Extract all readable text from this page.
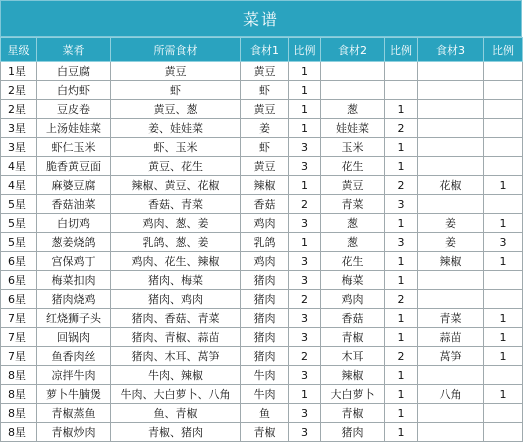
菜谱
星级	菜肴	所需食材	食材1	比例	食材2	比例	食材3	比例
1星	白豆腐	黄豆	黄豆	1				
2星	白灼虾	虾	虾	1				
2星	豆皮卷	黄豆、葱	黄豆	1	葱	1		
3星	上汤娃娃菜	姜、娃娃菜	姜	1	娃娃菜	2		
3星	虾仁玉米	虾、玉米	虾	3	玉米	1		
4星	脆香黄豆面	黄豆、花生	黄豆	3	花生	1		
4星	麻婆豆腐	辣椒、黄豆、花椒	辣椒	1	黄豆	2	花椒	1
5星	香菇油菜	香菇、青菜	香菇	2	青菜	3		
5星	白切鸡	鸡肉、葱、姜	鸡肉	3	葱	1	姜	1
5星	葱姜烧鸽	乳鸽、葱、姜	乳鸽	1	葱	3	姜	3
6星	宫保鸡丁	鸡肉、花生、辣椒	鸡肉	3	花生	1	辣椒	1
6星	梅菜扣肉	猪肉、梅菜	猪肉	3	梅菜	1		
6星	猪肉烧鸡	猪肉、鸡肉	猪肉	2	鸡肉	2		
7星	红烧狮子头	猪肉、香菇、青菜	猪肉	3	香菇	1	青菜	1
7星	回锅肉	猪肉、青椒、蒜苗	猪肉	3	青椒	1	蒜苗	1
7星	鱼香肉丝	猪肉、木耳、莴笋	猪肉	2	木耳	2	莴笋	1
8星	凉拌牛肉	牛肉、辣椒	牛肉	3	辣椒	1		
8星	萝卜牛腩煲	牛肉、大白萝卜、八角	牛肉	1	大白萝卜	1	八角	1
8星	青椒蒸鱼	鱼、青椒	鱼	3	青椒	1		
8星	青椒炒肉	青椒、猪肉	青椒	3	猪肉	1		
